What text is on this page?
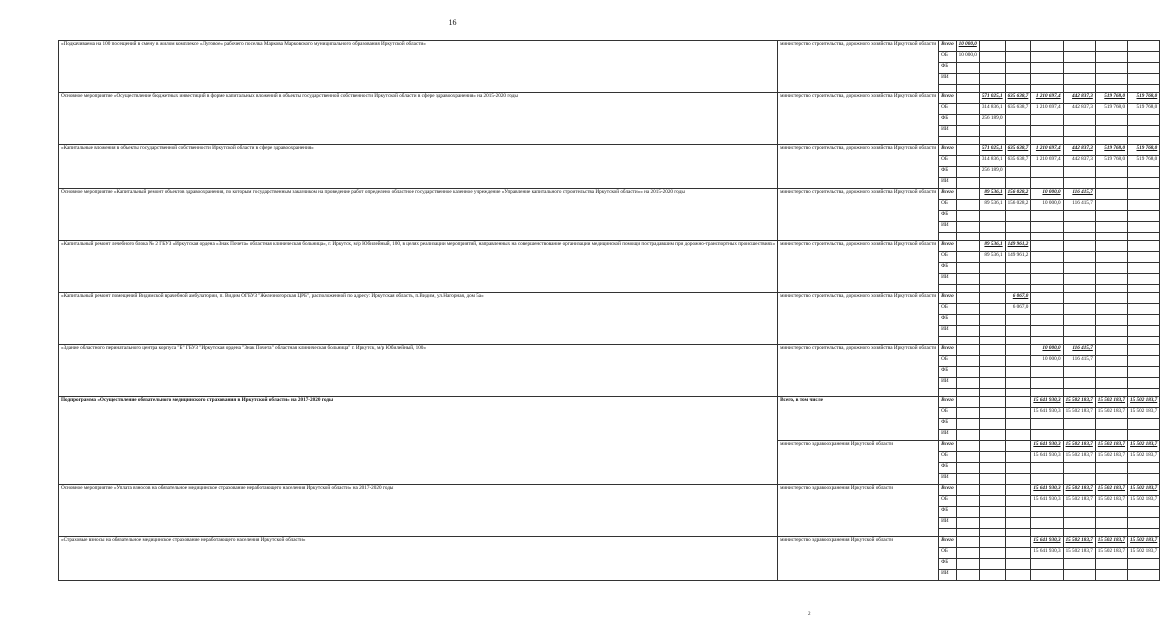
16
«Подкачиваема на 100 посещений в смену в жилом комплексе «Луговое» рабочего поселка Маркова Марковского муниципального образования Иркутской области»	министерство строительства, дорожного хозяйства Иркутской области	Всего	10 000,0						
		ОБ	10 000,0						
		ФБ							
		ИИ							

Основное мероприятие «Осуществление бюджетных инвестиций в форме капитальных вложений в объекты государственной собственности Иркутской области в сфере здравоохранения» на 2015-2020 годы	министерство строительства, дорожного хозяйства Иркутской области	Всего		571 025,1	635 638,7	1 210 697,4	442 837,3	519 768,0	519 768,0
		ОБ		314 836,1	635 638,7	1 210 697,4	442 837,3	519 768,0	519 768,0
		ФБ		256 189,0					
		ИИ							

«Капитальные вложения в объекты государственной собственности Иркутской области в сфере здравоохранения»	министерство строительства, дорожного хозяйства Иркутской области	Всего		571 025,1	635 638,7	1 210 697,4	442 837,3	519 768,0	519 768,0
		ОБ		314 836,1	635 638,7	1 210 697,4	442 837,3	519 768,0	519 768,0
		ФБ		256 189,0					
		ИИ							
Основное мероприятие «Капитальный ремонт объектов здравоохранения, по которым государственным заказчиком на проведение работ определено областное государственное казенное учреждение «Управление капитального строительства Иркутской области»» на 2015-2020 годы	министерство строительства, дорожного хозяйства Иркутской области	Всего		89 536,1	156 028,2	10 000,0	116 415,7		
		ОБ		89 536,1	156 028,2	10 000,0	116 415,7		
		ФБ							
		ИИ							

«Капитальный ремонт лечебного блока № 2 ГБУЗ «Иркутская ордена «Знак Почета» областная клиническая больница», г. Иркутск, м/р Юбилейный, 100, в целях реализации мероприятий, направленных на совершенствование организации медицинской помощи пострадавшим при дорожно-транспортных происшествиях»	министерство строительства, дорожного хозяйства Иркутской области	Всего		89 536,1	149 961,2				
		ОБ		89 536,1	149 961,2				
		ФБ							
		ИИ							

«Капитальный ремонт помещений Видимской врачебной амбулатории, п. Видим ОГБУЗ "Железногорская ЦРБ", расположенной по адресу: Иркутская область, п.Видим, ул.Нагорная, дом 5а»	министерство строительства, дорожного хозяйства Иркутской области	Всего			6 067,0				
		ОБ			6 067,0				
		ФБ							
		ИИ							

«Здание областного перинатального центра корпуса "Б" ГБУЗ "Иркутская ордена "Знак Почета" областная клиническая больница" г. Иркутск, м/р Юбилейный, 100»	министерство строительства, дорожного хозяйства Иркутской области	Всего				10 000,0	116 415,7		
		ОБ				10 000,0	116 415,7		
		ФБ							
		ИИ							

Подпрограмма «Осуществление обязательного медицинского страхования в Иркутской области» на 2017-2020 годы	Всего, в том числе	Всего				15 641 930,3	15 502 183,7	15 502 183,7	15 502 183,7
		ОБ				15 641 930,3	15 502 183,7	15 502 183,7	15 502 183,7
		ФБ							
		ИИ							
	министерство здравоохранения Иркутской области	Всего				15 641 930,3	15 502 183,7	15 502 183,7	15 502 183,7
		ОБ				15 641 930,3	15 502 183,7	15 502 183,7	15 502 183,7
		ФБ							
		ИИ							
Основное мероприятие «Уплата взносов на обязательное медицинское страхование неработающего населения Иркутской области» на 2017-2020 годы	министерство здравоохранения Иркутской области	Всего				15 641 930,3	15 502 183,7	15 502 183,7	15 502 183,7
		ОБ				15 641 930,3	15 502 183,7	15 502 183,7	15 502 183,7
		ФБ							
		ИИ							

«Страховые взносы на обязательное медицинское страхование неработающего населения Иркутской области»	министерство здравоохранения Иркутской области	Всего				15 641 930,3	15 502 183,7	15 502 183,7	15 502 183,7
		ОБ				15 641 930,3	15 502 183,7	15 502 183,7	15 502 183,7
		ФБ							
		ИИ							
2
